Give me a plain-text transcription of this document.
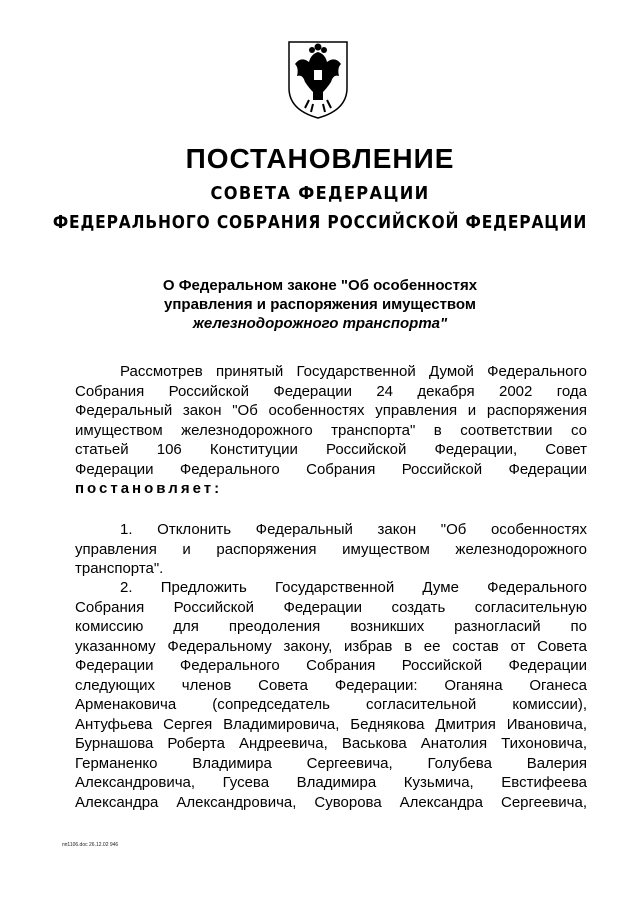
ПОСТАНОВЛЕНИЕ
СОВЕТА ФЕДЕРАЦИИ
ФЕДЕРАЛЬНОГО СОБРАНИЯ РОССИЙСКОЙ ФЕДЕРАЦИИ
О Федеральном законе "Об особенностях
управления и распоряжения имуществом
железнодорожного транспорта"
Рассмотрев принятый Государственной Думой Федерального
Собрания Российской Федерации 24 декабря 2002 года
Федеральный закон "Об особенностях управления и распоряжения
имуществом железнодорожного транспорта" в соответствии со
статьей 106 Конституции Российской Федерации, Совет
Федерации Федерального Собрания Российской Федерации
постановляет:
1. Отклонить Федеральный закон "Об особенностях
управления и распоряжения имуществом железнодорожного
транспорта".
2. Предложить Государственной Думе Федерального
Собрания Российской Федерации создать согласительную
комиссию для преодоления возникших разногласий по
указанному Федеральному закону, избрав в ее состав от Совета
Федерации Федерального Собрания Российской Федерации
следующих членов Совета Федерации: Оганяна Оганеса
Арменаковича (сопредседатель согласительной комиссии),
Антуфьева Сергея Владимировича, Беднякова Дмитрия Ивановича,
Бурнашова Роберта Андреевича, Васькова Анатолия Тихоновича,
Германенко Владимира Сергеевича, Голубева Валерия
Александровича, Гусева Владимира Кузьмича, Евстифеева
Александра Александровича, Суворова Александра Сергеевича,
пп1106.doc 26.12.02 946
